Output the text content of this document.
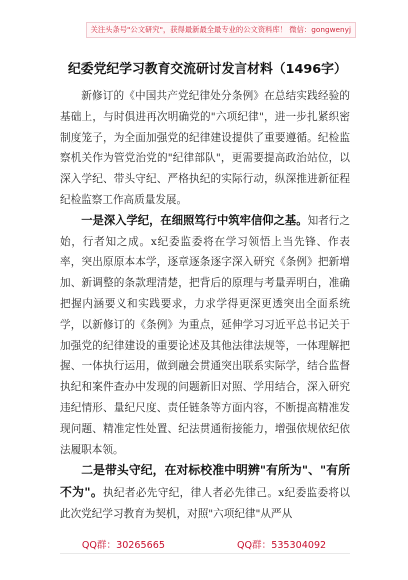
关注头条号"公文研究"，获得最新最全最专业的公文资料库！ 微信：gongwenyj
纪委党纪学习教育交流研讨发言材料（1496字）

新修订的《中国共产党纪律处分条例》在总结实践经验的基础上，与时俱进再次明确党的"六项纪律"，进一步扎紧织密制度笼子，为全面加强党的纪律建设提供了重要遵循。纪检监察机关作为管党治党的"纪律部队"，更需要提高政治站位，以深入学纪、带头守纪、严格执纪的实际行动，纵深推进新征程纪检监察工作高质量发展。

一是深入学纪，在细照笃行中筑牢信仰之基。知者行之始，行者知之成。x纪委监委将在学习领悟上当先锋、作表率，突出原原本本学，逐章逐条逐字深入研究《条例》把新增加、新调整的条款理清楚，把背后的原理与考量弄明白，准确把握内涵要义和实践要求，力求学得更深更透突出全面系统学，以新修订的《条例》为重点，延伸学习习近平总书记关于加强党的纪律建设的重要论述及其他法律法规等，一体理解把握、一体执行运用，做到融会贯通突出联系实际学，结合监督执纪和案件查办中发现的问题新旧对照、学用结合，深入研究违纪情形、量纪尺度、责任链条等方面内容，不断提高精准发现问题、精准定性处置、纪法贯通衔接能力，增强依规依纪依法履职本领。

二是带头守纪，在对标校准中明辨"有所为"、"有所不为"。执纪者必先守纪，律人者必先律己。x纪委监委将以此次党纪学习教育为契机，对照"六项纪律"从严从

QQ群：30265665	QQ群：535304092
